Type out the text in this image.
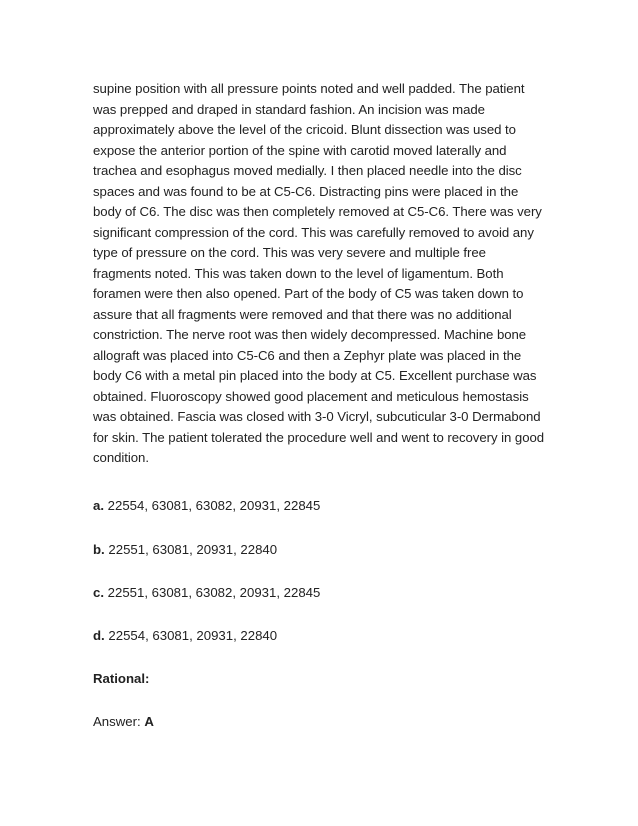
supine position with all pressure points noted and well padded. The patient
was prepped and draped in standard fashion. An incision was made
approximately above the level of the cricoid. Blunt dissection was used to
expose the anterior portion of the spine with carotid moved laterally and
trachea and esophagus moved medially. I then placed needle into the disc
spaces and was found to be at C5-C6. Distracting pins were placed in the
body of C6. The disc was then completely removed at C5-C6. There was very
significant compression of the cord. This was carefully removed to avoid any
type of pressure on the cord. This was very severe and multiple free
fragments noted. This was taken down to the level of ligamentum. Both
foramen were then also opened. Part of the body of C5 was taken down to
assure that all fragments were removed and that there was no additional
constriction. The nerve root was then widely decompressed. Machine bone
allograft was placed into C5-C6 and then a Zephyr plate was placed in the
body C6 with a metal pin placed into the body at C5. Excellent purchase was
obtained. Fluoroscopy showed good placement and meticulous hemostasis
was obtained. Fascia was closed with 3-0 Vicryl, subcuticular 3-0 Dermabond
for skin. The patient tolerated the procedure well and went to recovery in good
condition.
a. 22554, 63081, 63082, 20931, 22845
b. 22551, 63081, 20931, 22840
c. 22551, 63081, 63082, 20931, 22845
d. 22554, 63081, 20931, 22840
Rational:
Answer: A
